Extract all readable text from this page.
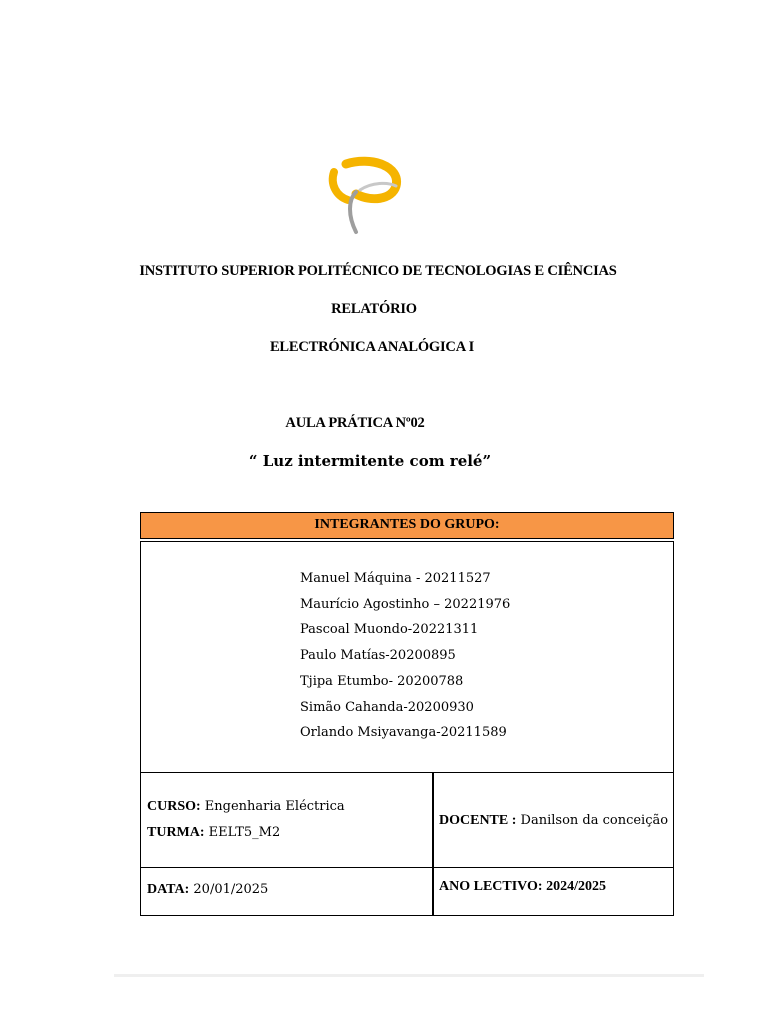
INSTITUTO SUPERIOR POLITÉCNICO DE TECNOLOGIAS E CIÊNCIAS
RELATÓRIO
ELECTRÓNICA ANALÓGICA I
AULA PRÁTICA Nº02
“ Luz intermitente com relé”
INTEGRANTES DO GRUPO:
Manuel Máquina - 20211527
Maurício Agostinho – 20221976
Pascoal Muondo-20221311
Paulo Matías-20200895
Tjipa Etumbo- 20200788
Simão Cahanda-20200930
Orlando Msiyavanga-20211589
CURSO: Engenharia Eléctrica
TURMA: EELT5_M2
DOCENTE : Danilson da conceição
DATA: 20/01/2025	ANO LECTIVO: 2024/2025
